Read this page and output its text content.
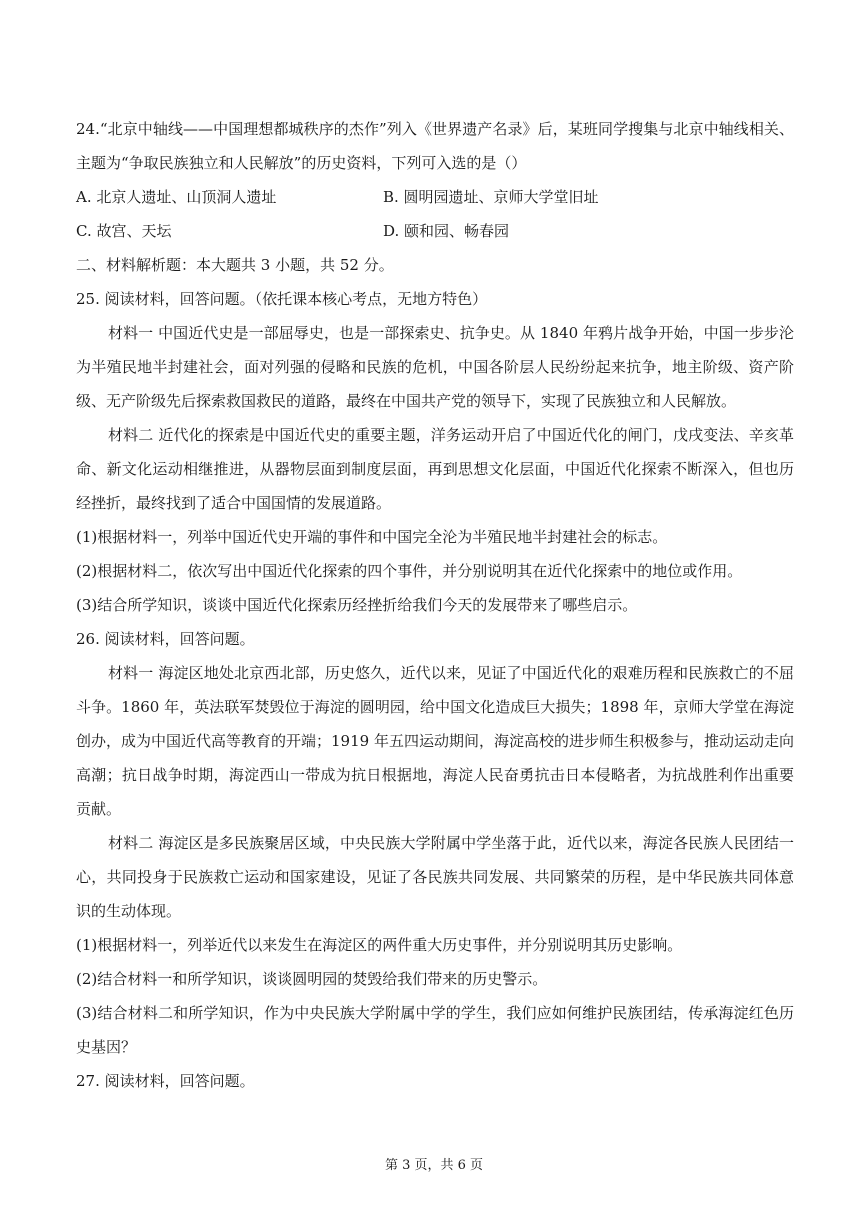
24.“北京中轴线——中国理想都城秩序的杰作”列入《世界遗产名录》后，某班同学搜集与北京中轴线相关、主题为“争取民族独立和人民解放”的历史资料，下列可入选的是（）
A. 北京人遗址、山顶洞人遗址	B. 圆明园遗址、京师大学堂旧址
C. 故宫、天坛	D. 颐和园、畅春园
二、材料解析题：本大题共 3 小题，共 52 分。
25. 阅读材料，回答问题。（依托课本核心考点，无地方特色）
材料一 中国近代史是一部屈辱史，也是一部探索史、抗争史。从 1840 年鸦片战争开始，中国一步步沦为半殖民地半封建社会，面对列强的侵略和民族的危机，中国各阶层人民纷纷起来抗争，地主阶级、资产阶级、无产阶级先后探索救国救民的道路，最终在中国共产党的领导下，实现了民族独立和人民解放。
材料二 近代化的探索是中国近代史的重要主题，洋务运动开启了中国近代化的闸门，戊戌变法、辛亥革命、新文化运动相继推进，从器物层面到制度层面，再到思想文化层面，中国近代化探索不断深入，但也历经挫折，最终找到了适合中国国情的发展道路。
(1)根据材料一，列举中国近代史开端的事件和中国完全沦为半殖民地半封建社会的标志。
(2)根据材料二，依次写出中国近代化探索的四个事件，并分别说明其在近代化探索中的地位或作用。
(3)结合所学知识，谈谈中国近代化探索历经挫折给我们今天的发展带来了哪些启示。
26. 阅读材料，回答问题。
材料一 海淀区地处北京西北部，历史悠久，近代以来，见证了中国近代化的艰难历程和民族救亡的不屈斗争。1860 年，英法联军焚毁位于海淀的圆明园，给中国文化造成巨大损失；1898 年，京师大学堂在海淀创办，成为中国近代高等教育的开端；1919 年五四运动期间，海淀高校的进步师生积极参与，推动运动走向高潮；抗日战争时期，海淀西山一带成为抗日根据地，海淀人民奋勇抗击日本侵略者，为抗战胜利作出重要贡献。
材料二 海淀区是多民族聚居区域，中央民族大学附属中学坐落于此，近代以来，海淀各民族人民团结一心，共同投身于民族救亡运动和国家建设，见证了各民族共同发展、共同繁荣的历程，是中华民族共同体意识的生动体现。
(1)根据材料一，列举近代以来发生在海淀区的两件重大历史事件，并分别说明其历史影响。
(2)结合材料一和所学知识，谈谈圆明园的焚毁给我们带来的历史警示。
(3)结合材料二和所学知识，作为中央民族大学附属中学的学生，我们应如何维护民族团结，传承海淀红色历史基因？
27. 阅读材料，回答问题。
第 3 页，共 6 页
